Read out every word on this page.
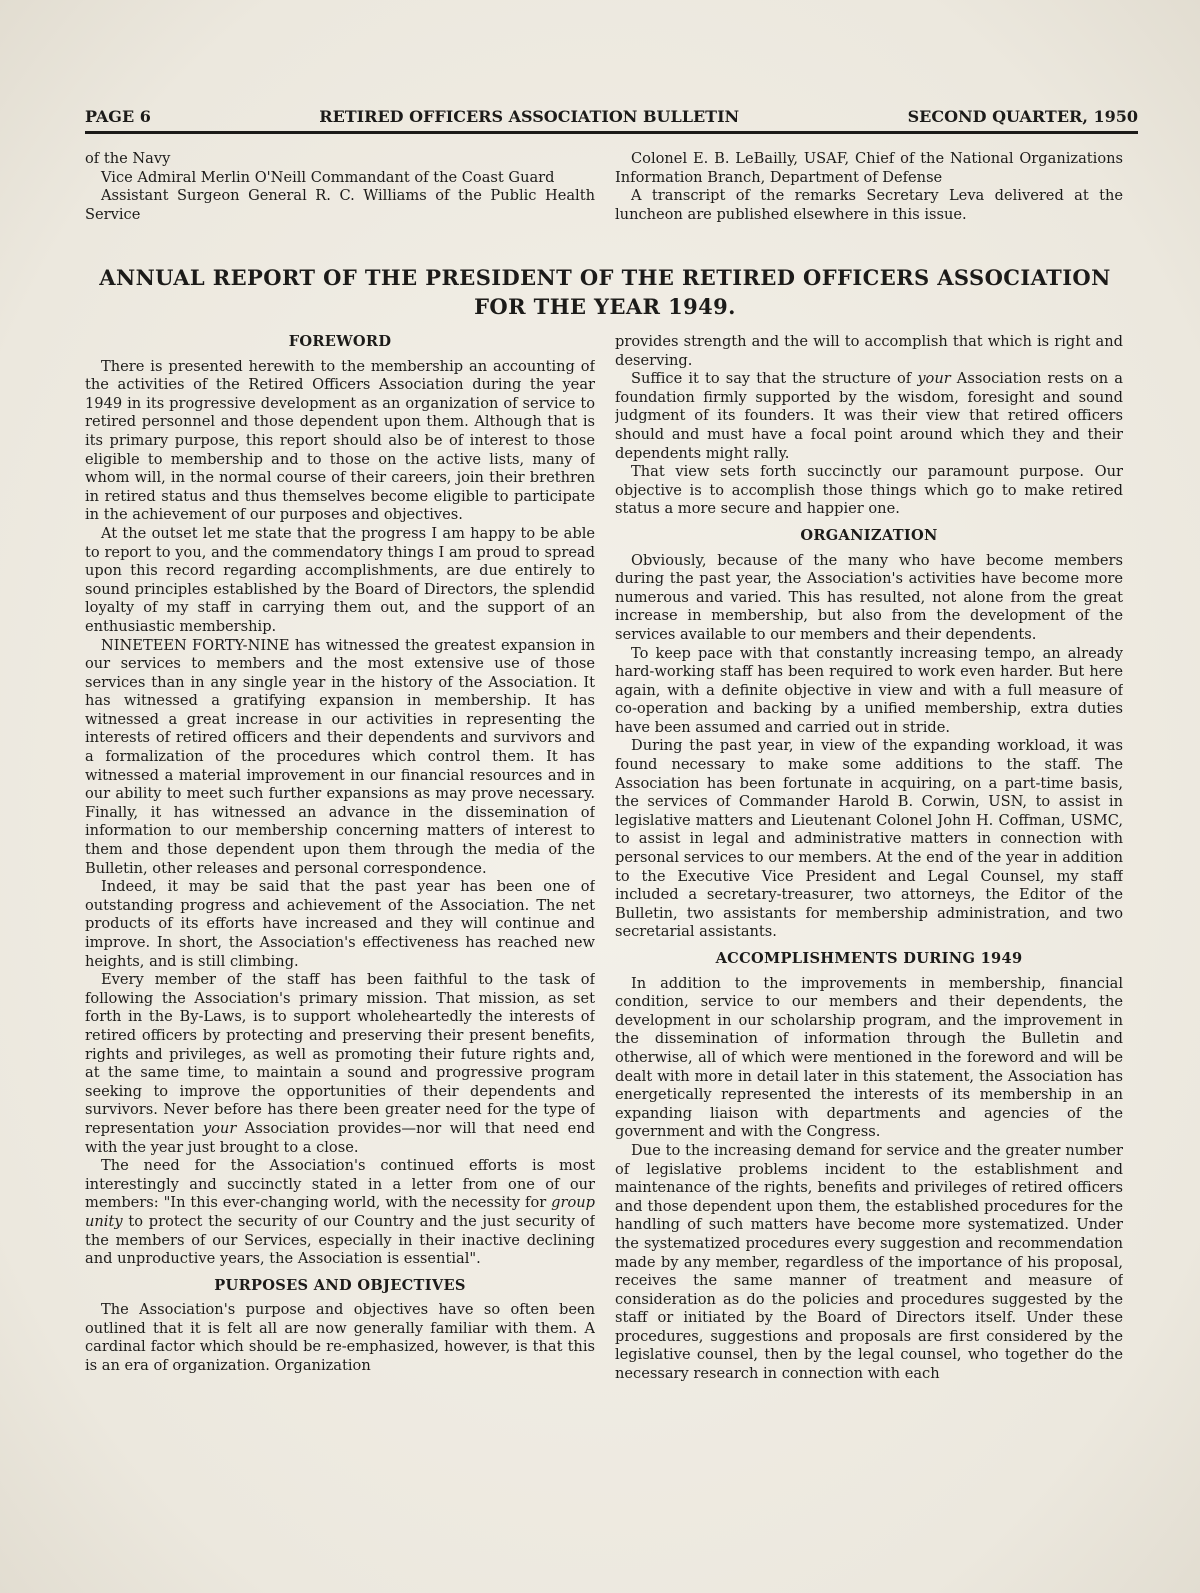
PAGE 6	RETIRED OFFICERS ASSOCIATION BULLETIN	SECOND QUARTER, 1950

of the Navy

Vice Admiral Merlin O'Neill Commandant of the Coast Guard

Assistant Surgeon General R. C. Williams of the Public Health Service

Colonel E. B. LeBailly, USAF, Chief of the National Organizations Information Branch, Department of Defense

A transcript of the remarks Secretary Leva delivered at the luncheon are published elsewhere in this issue.

ANNUAL REPORT OF THE PRESIDENT OF THE RETIRED OFFICERS ASSOCIATION FOR THE YEAR 1949.
FOREWORD

There is presented herewith to the membership an accounting of the activities of the Retired Officers Association during the year 1949 in its progressive development as an organization of service to retired personnel and those dependent upon them. Although that is its primary purpose, this report should also be of interest to those eligible to membership and to those on the active lists, many of whom will, in the normal course of their careers, join their brethren in retired status and thus themselves become eligible to participate in the achievement of our purposes and objectives.

At the outset let me state that the progress I am happy to be able to report to you, and the commendatory things I am proud to spread upon this record regarding accomplishments, are due entirely to sound principles established by the Board of Directors, the splendid loyalty of my staff in carrying them out, and the support of an enthusiastic membership.

NINETEEN FORTY-NINE has witnessed the greatest expansion in our services to members and the most extensive use of those services than in any single year in the history of the Association. It has witnessed a gratifying expansion in membership. It has witnessed a great increase in our activities in representing the interests of retired officers and their dependents and survivors and a formalization of the procedures which control them. It has witnessed a material improvement in our financial resources and in our ability to meet such further expansions as may prove necessary. Finally, it has witnessed an advance in the dissemination of information to our membership concerning matters of interest to them and those dependent upon them through the media of the Bulletin, other releases and personal correspondence.

Indeed, it may be said that the past year has been one of outstanding progress and achievement of the Association. The net products of its efforts have increased and they will continue and improve. In short, the Association's effectiveness has reached new heights, and is still climbing.

Every member of the staff has been faithful to the task of following the Association's primary mission. That mission, as set forth in the By-Laws, is to support wholeheartedly the interests of retired officers by protecting and preserving their present benefits, rights and privileges, as well as promoting their future rights and, at the same time, to maintain a sound and progressive program seeking to improve the opportunities of their dependents and survivors. Never before has there been greater need for the type of representation your Association provides—nor will that need end with the year just brought to a close.

The need for the Association's continued efforts is most interestingly and succinctly stated in a letter from one of our members: "In this ever-changing world, with the necessity for group unity to protect the security of our Country and the just security of the members of our Services, especially in their inactive declining and unproductive years, the Association is essential".

PURPOSES AND OBJECTIVES

The Association's purpose and objectives have so often been outlined that it is felt all are now generally familiar with them. A cardinal factor which should be re-emphasized, however, is that this is an era of organization. Organization

provides strength and the will to accomplish that which is right and deserving.

Suffice it to say that the structure of your Association rests on a foundation firmly supported by the wisdom, foresight and sound judgment of its founders. It was their view that retired officers should and must have a focal point around which they and their dependents might rally.

That view sets forth succinctly our paramount purpose. Our objective is to accomplish those things which go to make retired status a more secure and happier one.

ORGANIZATION

Obviously, because of the many who have become members during the past year, the Association's activities have become more numerous and varied. This has resulted, not alone from the great increase in membership, but also from the development of the services available to our members and their dependents.

To keep pace with that constantly increasing tempo, an already hard-working staff has been required to work even harder. But here again, with a definite objective in view and with a full measure of co-operation and backing by a unified membership, extra duties have been assumed and carried out in stride.

During the past year, in view of the expanding workload, it was found necessary to make some additions to the staff. The Association has been fortunate in acquiring, on a part-time basis, the services of Commander Harold B. Corwin, USN, to assist in legislative matters and Lieutenant Colonel John H. Coffman, USMC, to assist in legal and administrative matters in connection with personal services to our members. At the end of the year in addition to the Executive Vice President and Legal Counsel, my staff included a secretary-treasurer, two attorneys, the Editor of the Bulletin, two assistants for membership administration, and two secretarial assistants.

ACCOMPLISHMENTS DURING 1949

In addition to the improvements in membership, financial condition, service to our members and their dependents, the development in our scholarship program, and the improvement in the dissemination of information through the Bulletin and otherwise, all of which were mentioned in the foreword and will be dealt with more in detail later in this statement, the Association has energetically represented the interests of its membership in an expanding liaison with departments and agencies of the government and with the Congress.

Due to the increasing demand for service and the greater number of legislative problems incident to the establishment and maintenance of the rights, benefits and privileges of retired officers and those dependent upon them, the established procedures for the handling of such matters have become more systematized. Under the systematized procedures every suggestion and recommendation made by any member, regardless of the importance of his proposal, receives the same manner of treatment and measure of consideration as do the policies and procedures suggested by the staff or initiated by the Board of Directors itself. Under these procedures, suggestions and proposals are first considered by the legislative counsel, then by the legal counsel, who together do the necessary research in connection with each
